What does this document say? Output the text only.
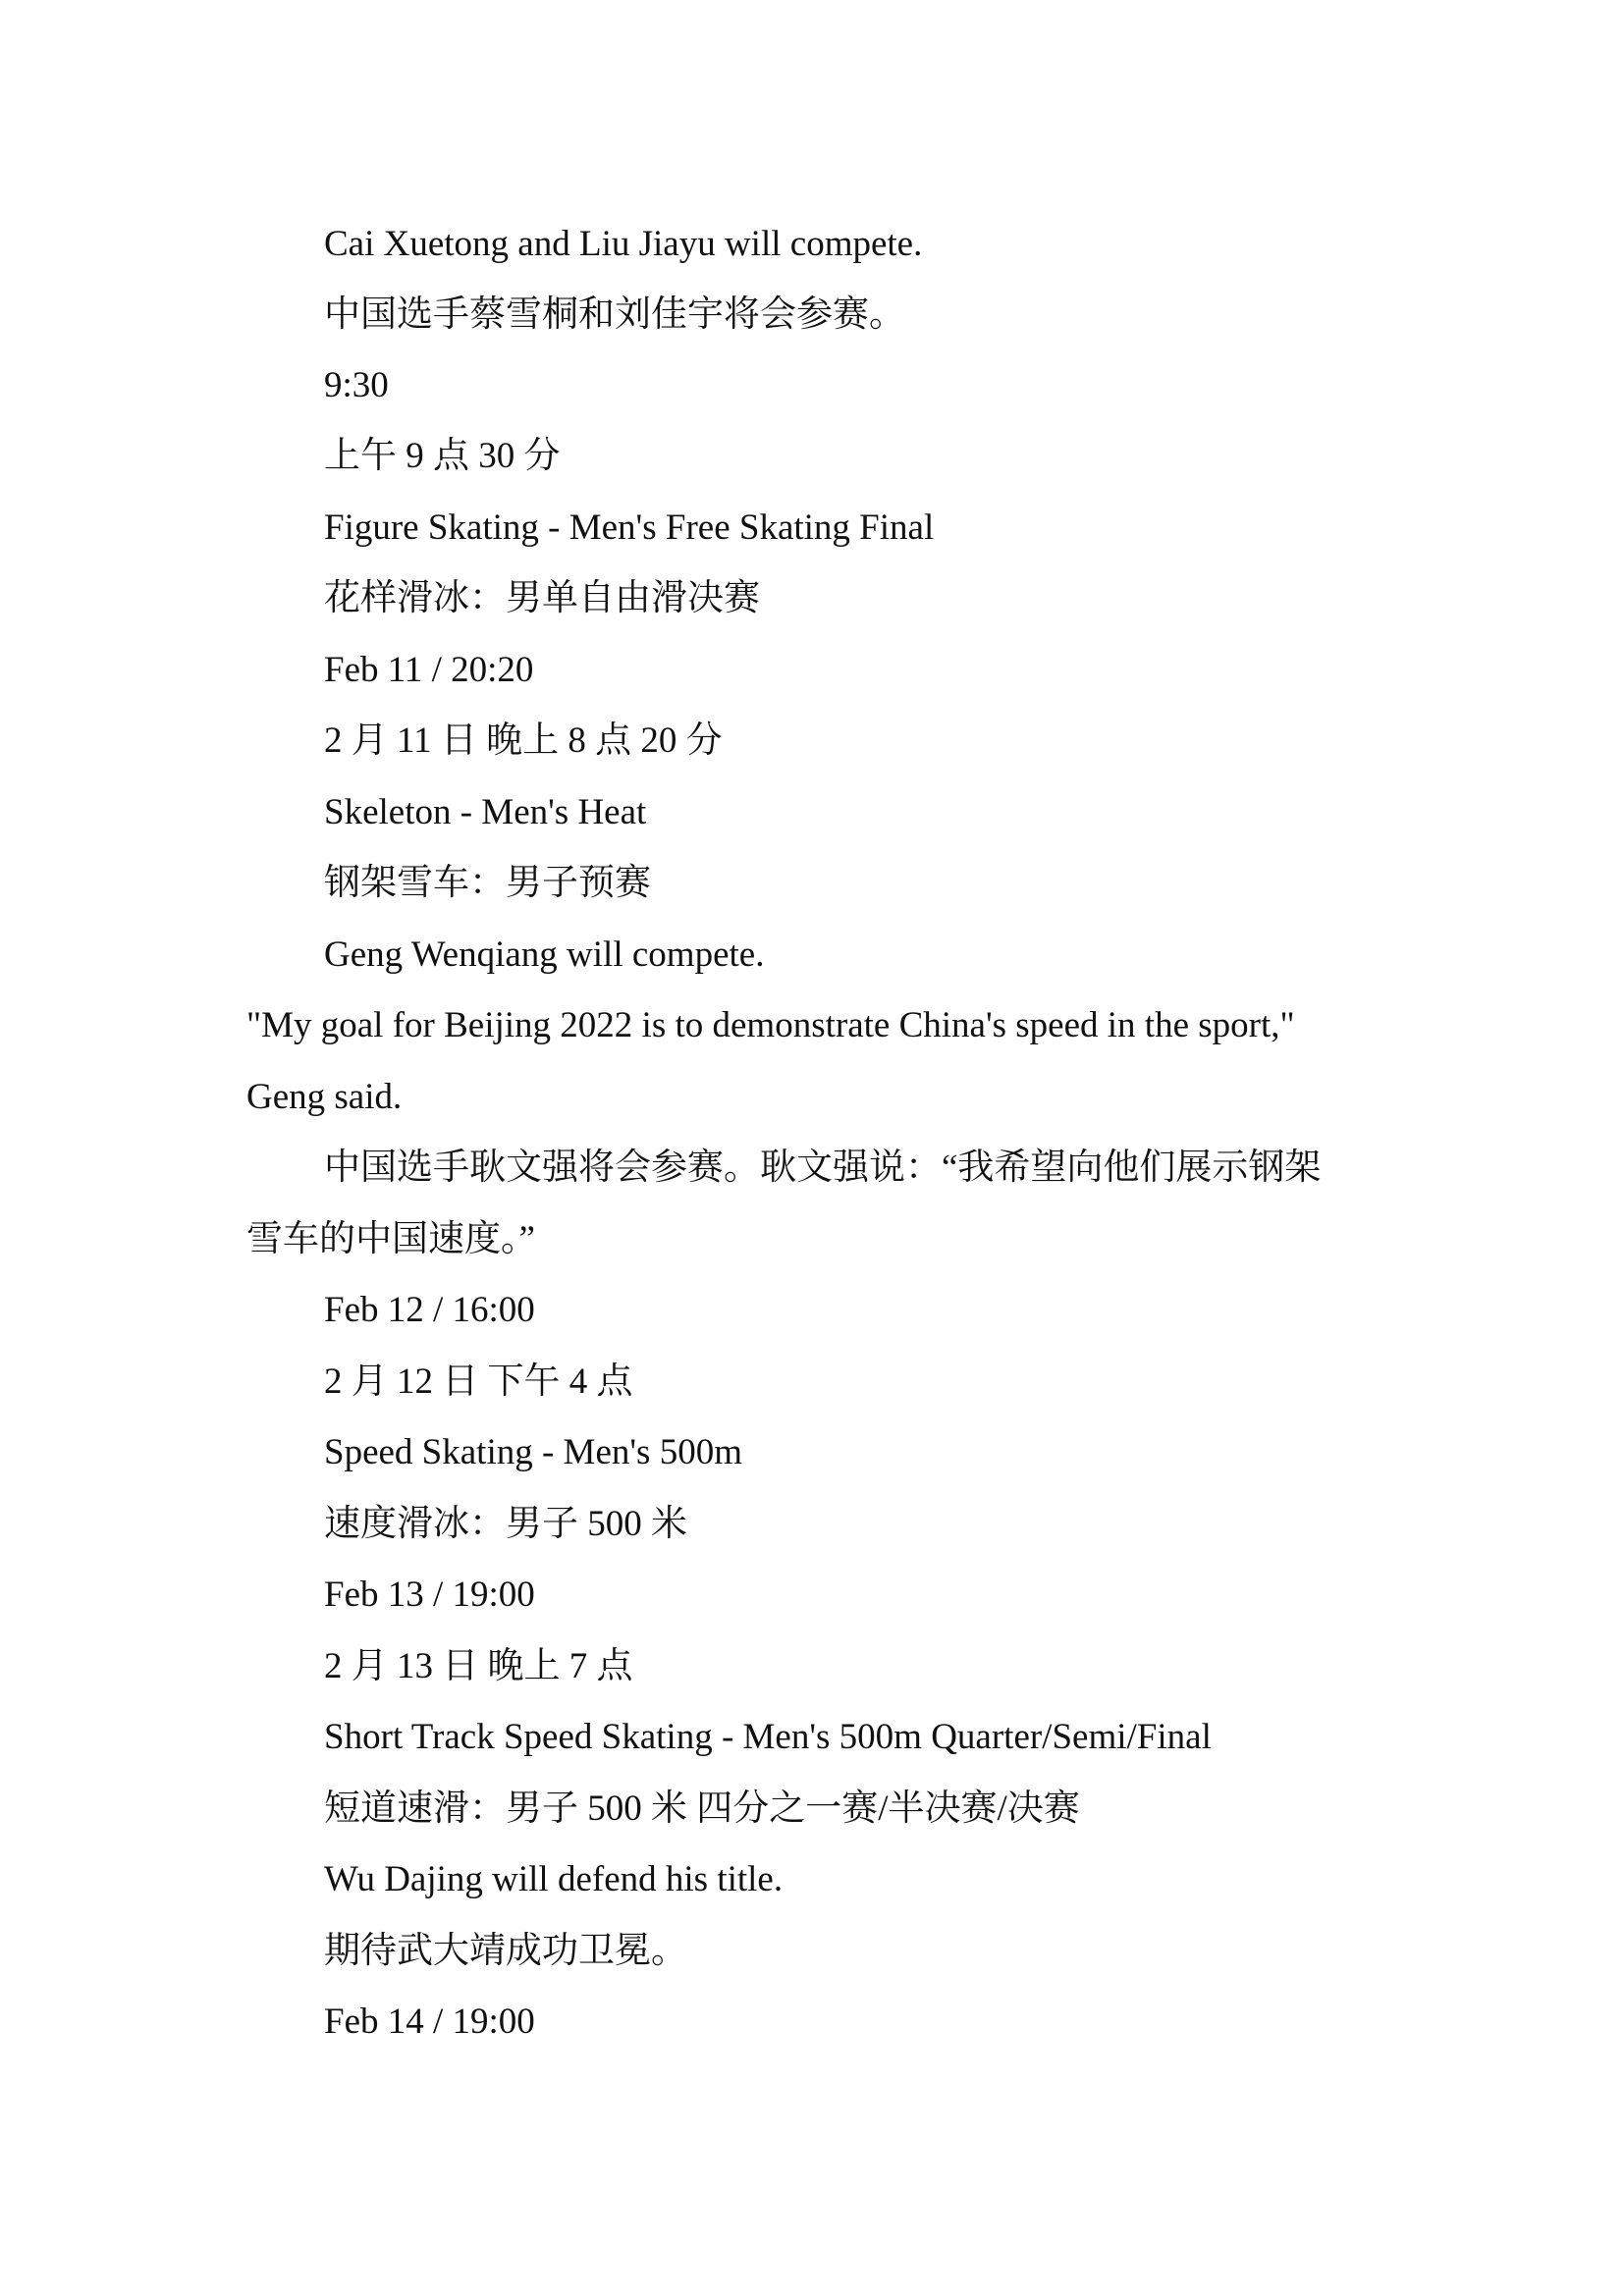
Cai Xuetong and Liu Jiayu will compete.
中国选手蔡雪桐和刘佳宇将会参赛。
9:30
上午 9 点 30 分
Figure Skating - Men's Free Skating Final
花样滑冰：男单自由滑决赛
Feb 11 / 20:20
2 月 11 日 晚上 8 点 20 分
Skeleton - Men's Heat
钢架雪车：男子预赛
Geng Wenqiang will compete.
"My goal for Beijing 2022 is to demonstrate China's speed in the sport,"
Geng said.
中国选手耿文强将会参赛。耿文强说：“我希望向他们展示钢架
雪车的中国速度。”
Feb 12 / 16:00
2 月 12 日 下午 4 点
Speed Skating - Men's 500m
速度滑冰：男子 500 米
Feb 13 / 19:00
2 月 13 日 晚上 7 点
Short Track Speed Skating - Men's 500m Quarter/Semi/Final
短道速滑：男子 500 米 四分之一赛/半决赛/决赛
Wu Dajing will defend his title.
期待武大靖成功卫冕。
Feb 14 / 19:00
